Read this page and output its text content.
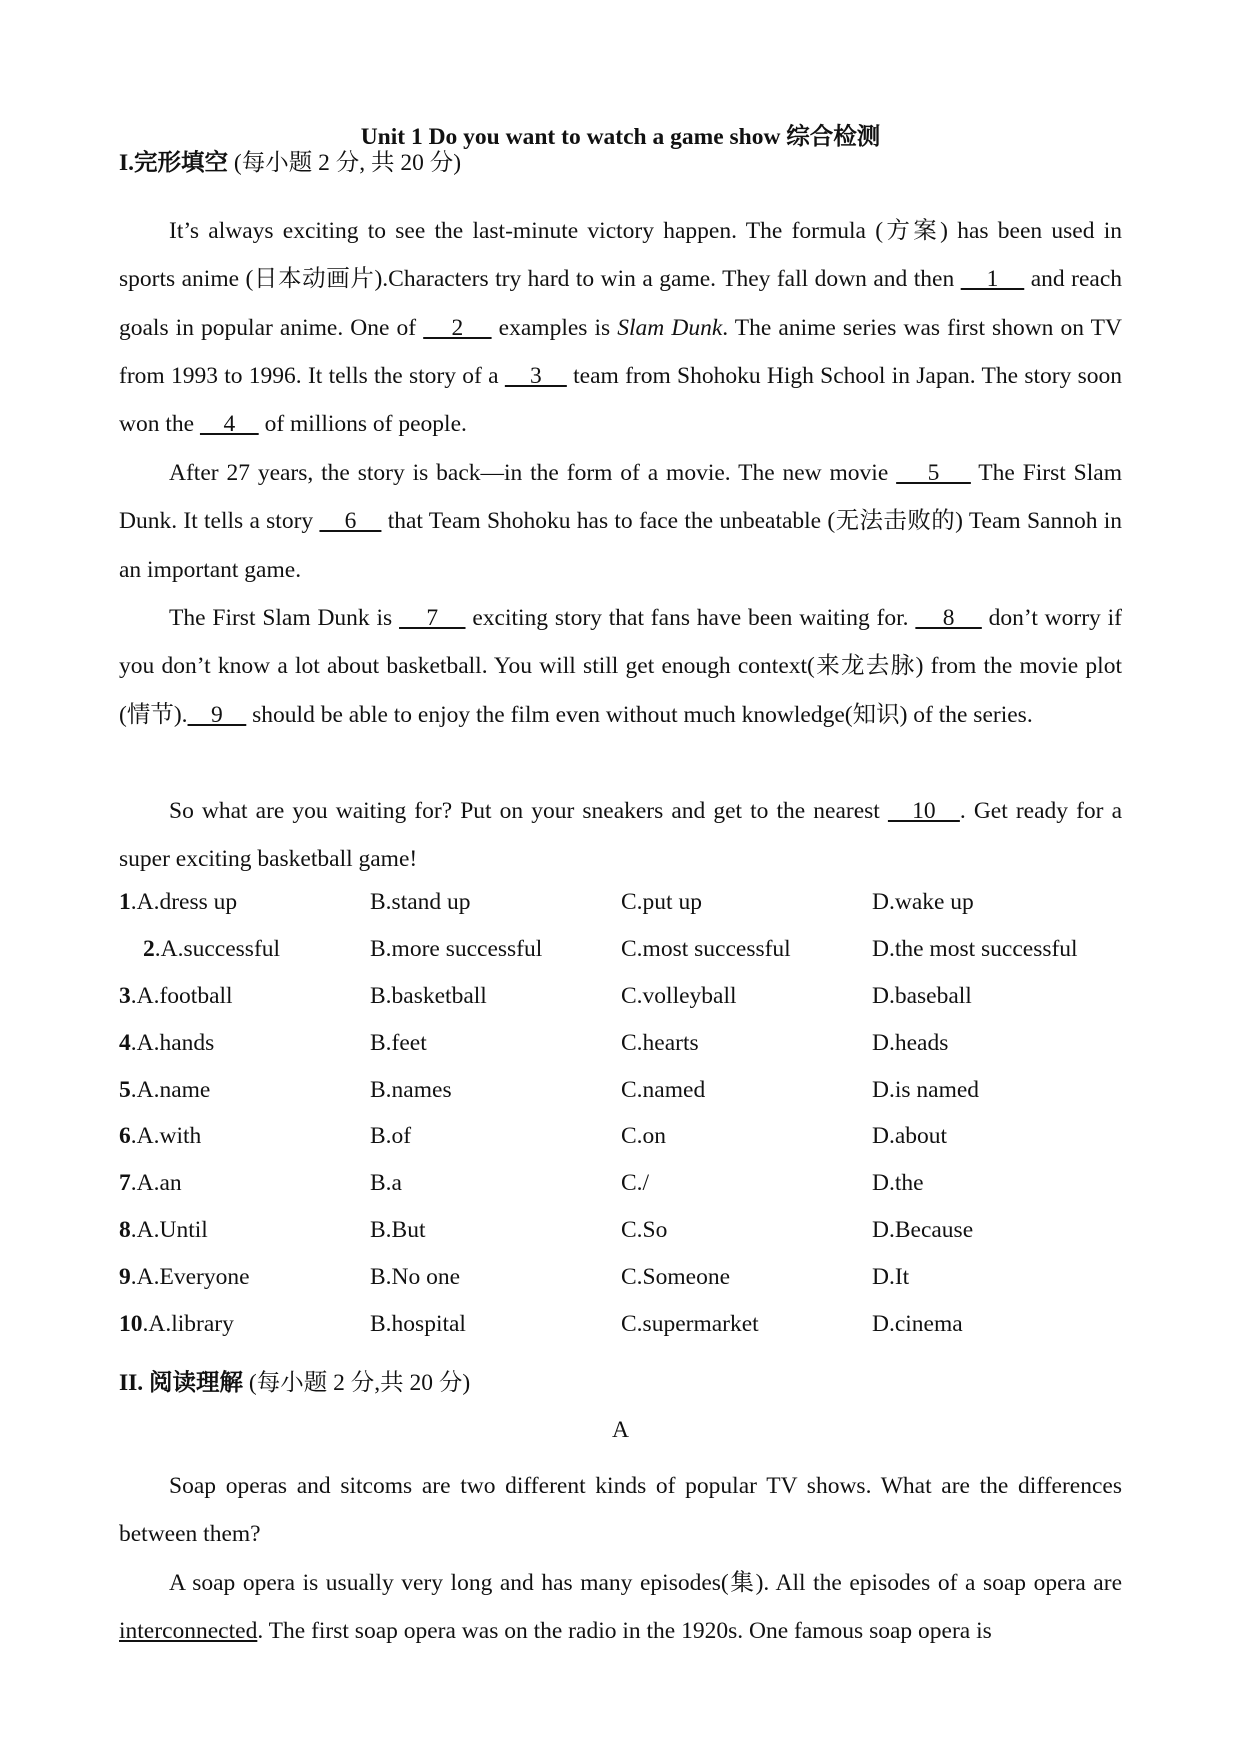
Unit 1 Do you want to watch a game show 综合检测
I.完形填空 (每小题 2 分, 共 20 分)

It’s always exciting to see the last-minute victory happen. The formula (方案) has been used in sports anime (日本动画片).Characters try hard to win a game. They fall down and then     1     and reach goals in popular anime. One of     2     examples is Slam Dunk. The anime series was first shown on TV from 1993 to 1996. It tells the story of a     3     team from Shohoku High School in Japan. The story soon won the     4     of millions of people.

After 27 years, the story is back—in the form of a movie. The new movie     5     The First Slam Dunk. It tells a story     6     that Team Shohoku has to face the unbeatable (无法击败的) Team Sannoh in an important game.

The First Slam Dunk is     7     exciting story that fans have been waiting for.     8     don’t worry if you don’t know a lot about basketball. You will still get enough context(来龙去脉) from the movie plot (情节).    9     should be able to enjoy the film even without much knowledge(知识) of the series.

So what are you waiting for? Put on your sneakers and get to the nearest    10   . Get ready for a super exciting basketball game!

1.A.dress up	B.stand up	C.put up	D.wake up
2.A.successful	B.more successful	C.most successful	D.the most successful
3.A.football	B.basketball	C.volleyball	D.baseball
4.A.hands	B.feet	C.hearts	D.heads
5.A.name	B.names	C.named	D.is named
6.A.with	B.of	C.on	D.about
7.A.an	B.a	C./	D.the
8.A.Until	B.But	C.So	D.Because
9.A.Everyone	B.No one	C.Someone	D.It
10.A.library	B.hospital	C.supermarket	D.cinema
II. 阅读理解 (每小题 2 分,共 20 分)
A

Soap operas and sitcoms are two different kinds of popular TV shows. What are the differences between them?

A soap opera is usually very long and has many episodes(集). All the episodes of a soap opera are interconnected. The first soap opera was on the radio in the 1920s. One famous soap opera is
